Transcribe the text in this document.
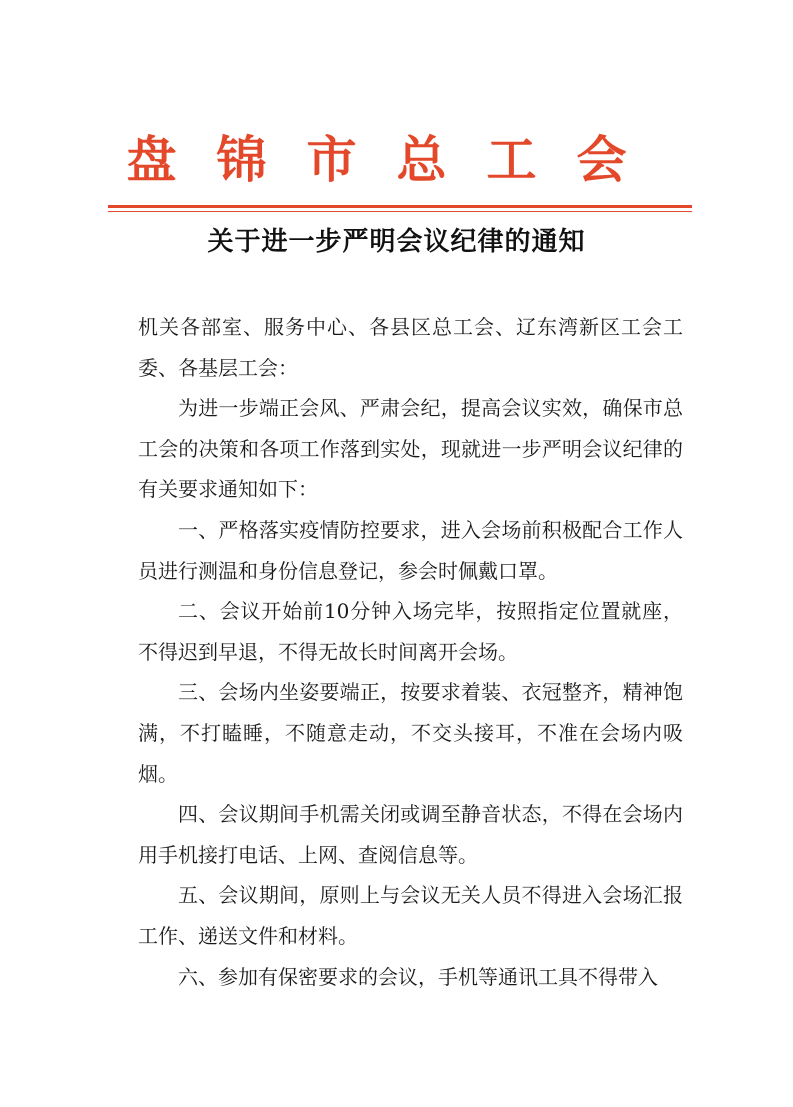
盘锦市总工会
关于进一步严明会议纪律的通知

机关各部室、服务中心、各县区总工会、辽东湾新区工会工委、各基层工会：

为进一步端正会风、严肃会纪，提高会议实效，确保市总工会的决策和各项工作落到实处，现就进一步严明会议纪律的有关要求通知如下：

一、严格落实疫情防控要求，进入会场前积极配合工作人员进行测温和身份信息登记，参会时佩戴口罩。

二、会议开始前10分钟入场完毕，按照指定位置就座，不得迟到早退，不得无故长时间离开会场。

三、会场内坐姿要端正，按要求着装、衣冠整齐，精神饱满，不打瞌睡，不随意走动，不交头接耳，不准在会场内吸烟。

四、会议期间手机需关闭或调至静音状态，不得在会场内用手机接打电话、上网、查阅信息等。

五、会议期间，原则上与会议无关人员不得进入会场汇报工作、递送文件和材料。

六、参加有保密要求的会议，手机等通讯工具不得带入
